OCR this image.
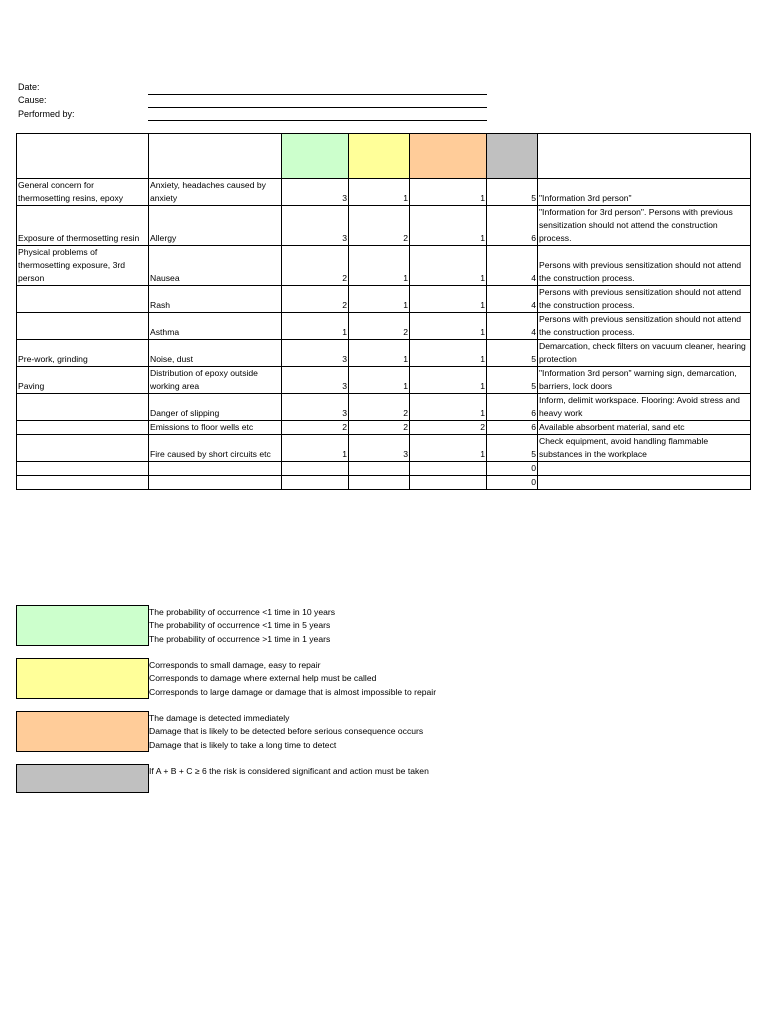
Date:
Cause:
Performed by:

General concern for thermosetting resins, epoxy	Anxiety, headaches caused by anxiety	3	1	1	5	"Information 3rd person"
Exposure of thermosetting resin	Allergy	3	2	1	6	"Information for 3rd person". Persons with previous sensitization should not attend the construction process.
Physical problems of thermosetting exposure, 3rd person	Nausea	2	1	1	4	Persons with previous sensitization should not attend the construction process.
	Rash	2	1	1	4	Persons with previous sensitization should not attend the construction process.
	Asthma	1	2	1	4	Persons with previous sensitization should not attend the construction process.
Pre-work, grinding	Noise, dust	3	1	1	5	Demarcation, check filters on vacuum cleaner, hearing protection
Paving	Distribution of epoxy outside working area	3	1	1	5	"Information 3rd person" warning sign, demarcation, barriers, lock doors
	Danger of slipping	3	2	1	6	Inform, delimit workspace. Flooring: Avoid stress and heavy work
	Emissions to floor wells etc	2	2	2	6	Available absorbent material, sand etc
	Fire caused by short circuits etc	1	3	1	5	Check equipment, avoid handling flammable substances in the workplace
					0	
					0	
The probability of occurrence <1 time in 10 years
The probability of occurrence <1 time in 5 years
The probability of occurrence >1 time in 1 years
Corresponds to small damage, easy to repair
Corresponds to damage where external help must be called
Corresponds to large damage or damage that is almost impossible to repair
The damage is detected immediately
Damage that is likely to be detected before serious consequence occurs
Damage that is likely to take a long time to detect
If A + B + C ≥ 6 the risk is considered significant and action must be taken
